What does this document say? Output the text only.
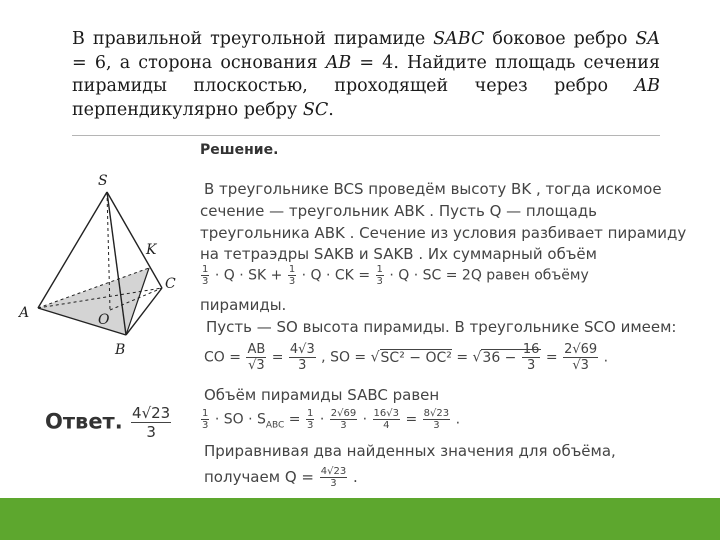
В правильной треугольной пирамиде SABC боковое ребро SA = 6, а сторона основания AB = 4. Найдите площадь сечения пирамиды плоскостью, проходящей через ребро AB перпендикулярно ребру SC.
S
K
C
A	O
B
Решение.
В треугольнике BCS проведём высоту BK , тогда искомое
сечение — треугольник ABK . Пусть Q — площадь
треугольника ABK . Сечение из условия разбивает пирамиду
на тетраэдры SAKB и SAKB . Их суммарный объём
$\frac{1}{3} \cdot Q$ · SK + $\frac{1}{3} \cdot Q$ · CK = $\frac{1}{3} \cdot Q$ · SC = 2Q равен объёму
пирамиды.
Пусть — SO высота пирамиды. В треугольнике SCO имеем:
CO = $\frac{AB}{√3} = \frac{4√3}{3}$ , SO = $√SC^2 - OC^2 = √36 - \frac{16}{3} = \frac{2√69}{√3}$ .
Объём пирамиды SABC равен
$\frac{1}{3}$ · SO · $S_{ABC} = \frac{1}{3} \cdot \frac{2√69}{3} \cdot \frac{16√3}{4} = \frac{8√23}{3}$ .
Приравнивая два найденных значения для объёма,
получаем $Q = \frac{4√23}{3}$ .
Ответ. $\frac{4√23}{3}$
